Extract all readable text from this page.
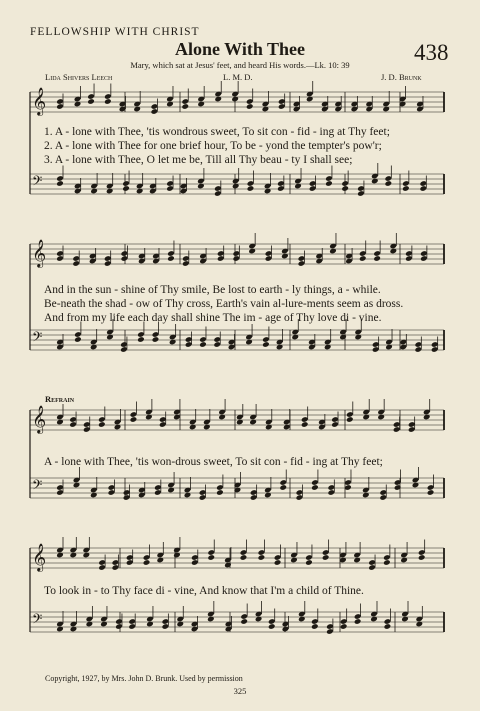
FELLOWSHIP WITH CHRIST
Alone With Thee	438
Mary, which sat at Jesus' feet, and heard His words.—Lk. 10: 39
Lida Shivers Leech	L. M. D.	J. D. Brunk
𝄞
𝄢
𝄞
𝄢
𝄞
𝄢
𝄞
𝄢
1. A - lone with Thee, 'tis wondrous sweet, To sit con - fid - ing at Thy feet;
2. A - lone with Thee for one brief hour, To be - yond the tempter's pow'r;
3. A - lone with Thee, O let me be, Till all Thy beau - ty I shall see;
And in the sun - shine of Thy smile, Be lost to earth - ly things, a - while.
Be-neath the shad - ow of Thy cross, Earth's vain al-lure-ments seem as dross.
And from my life each day shall shine The im - age of Thy love di - vine.
Refrain
A - lone with Thee, 'tis won-drous sweet, To sit con - fid - ing at Thy feet;
To look in - to Thy face di - vine, And know that I'm a child of Thine.
Copyright, 1927, by Mrs. John D. Brunk. Used by permission
325
